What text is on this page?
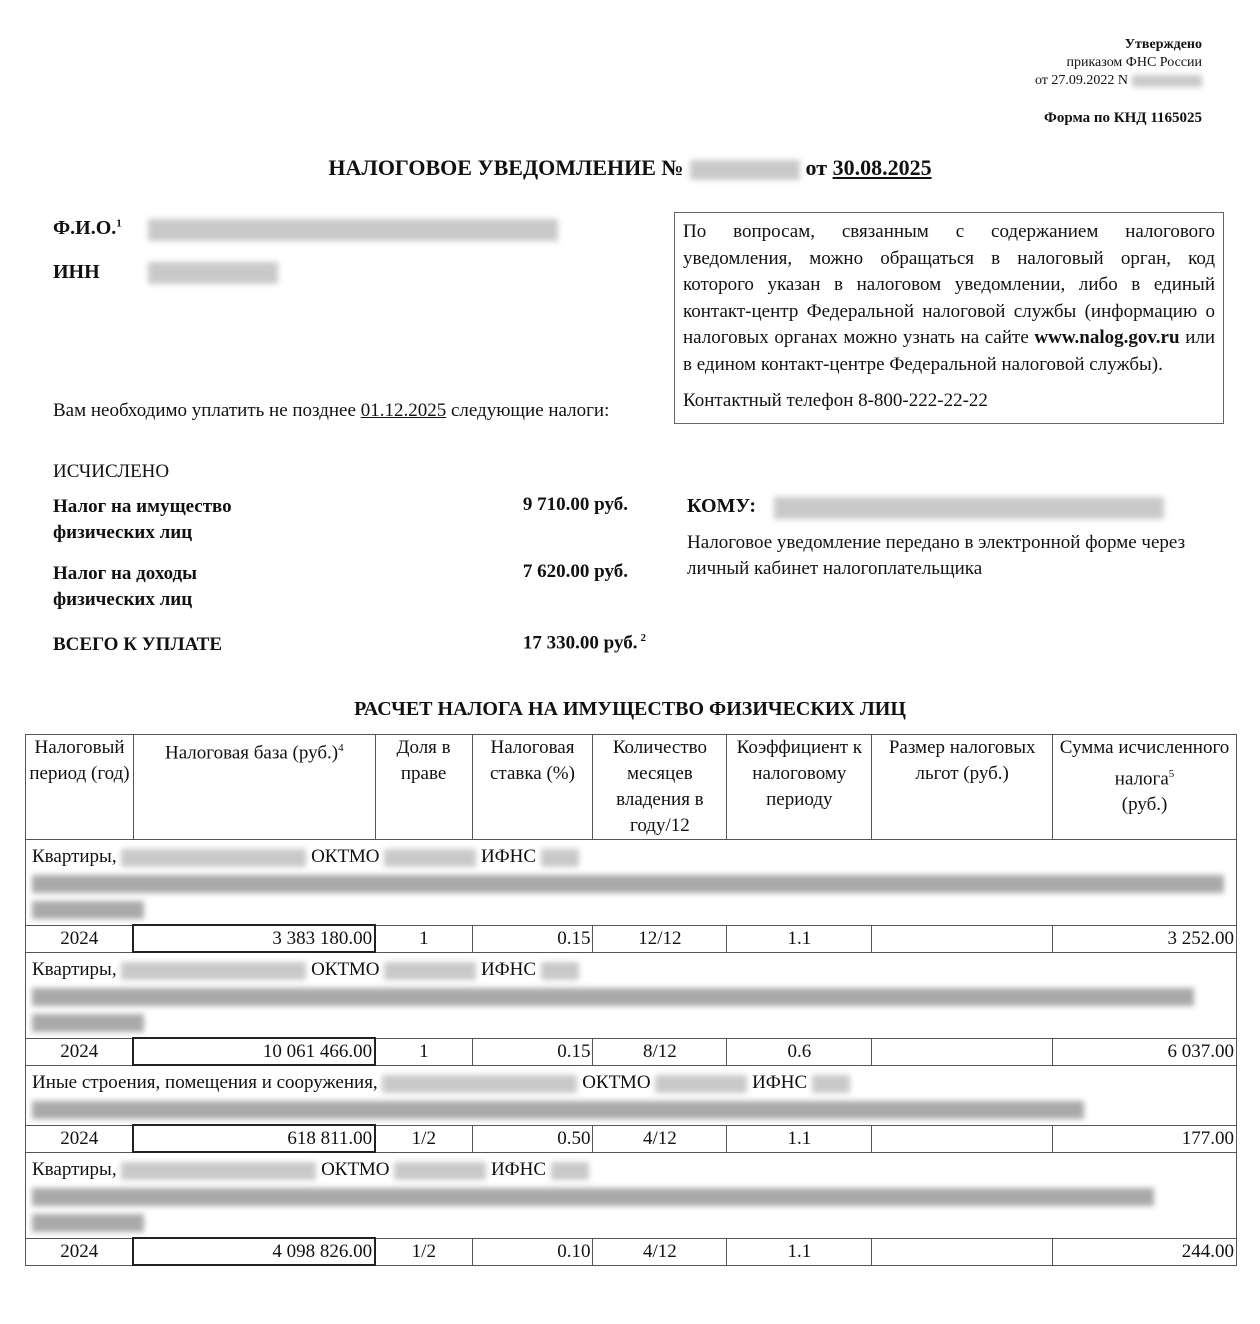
Утверждено
приказом ФНС России
от 27.09.2022 N
Форма по КНД 1165025
НАЛОГОВОЕ УВЕДОМЛЕНИЕ №	от 30.08.2025
Ф.И.О.$^1$
ИНН

По вопросам, связанным с содержанием налогового уведомления, можно обращаться в налоговый орган, код которого указан в налоговом уведомлении, либо в единый контакт-центр Федеральной налоговой службы (информацию о налоговых органах можно узнать на сайте www.nalog.gov.ru или в едином контакт-центре Федеральной налоговой службы).

Контактный телефон 8-800-222-22-22

Вам необходимо уплатить не позднее 01.12.2025 следующие налоги:
ИСЧИСЛЕНО
Налог на имущество
физических лиц
9 710.00 руб.
Налог на доходы
физических лиц
7 620.00 руб.
ВСЕГО К УПЛАТЕ	17 330.00 руб. $^2$
КОМУ:
Налоговое уведомление передано в электронной форме через личный кабинет налогоплательщика
РАСЧЕТ НАЛОГА НА ИМУЩЕСТВО ФИЗИЧЕСКИХ ЛИЦ
Налоговый период (год)	Налоговая база $(руб.)^4$	Доля в праве	Налоговая ставка (%)	Количество месяцев владения в году/12	Коэффициент к налоговому периоду	Размер налоговых льгот (руб.)	Сумма исчисленного налога$^5$
(руб.)
Квартиры, ОКТМО ИФНС							

2024	3 383 180.00	1	0.15	12/12	1.1		3 252.00
Квартиры, ОКТМО ИФНС							

2024	10 061 466.00	1	0.15	8/12	0.6		6 037.00
Иные строения, помещения и сооружения, ОКТМО ИФНС							

2024	618 811.00	1/2	0.50	4/12	1.1		177.00
Квартиры, ОКТМО ИФНС							

2024	4 098 826.00	1/2	0.10	4/12	1.1		244.00
